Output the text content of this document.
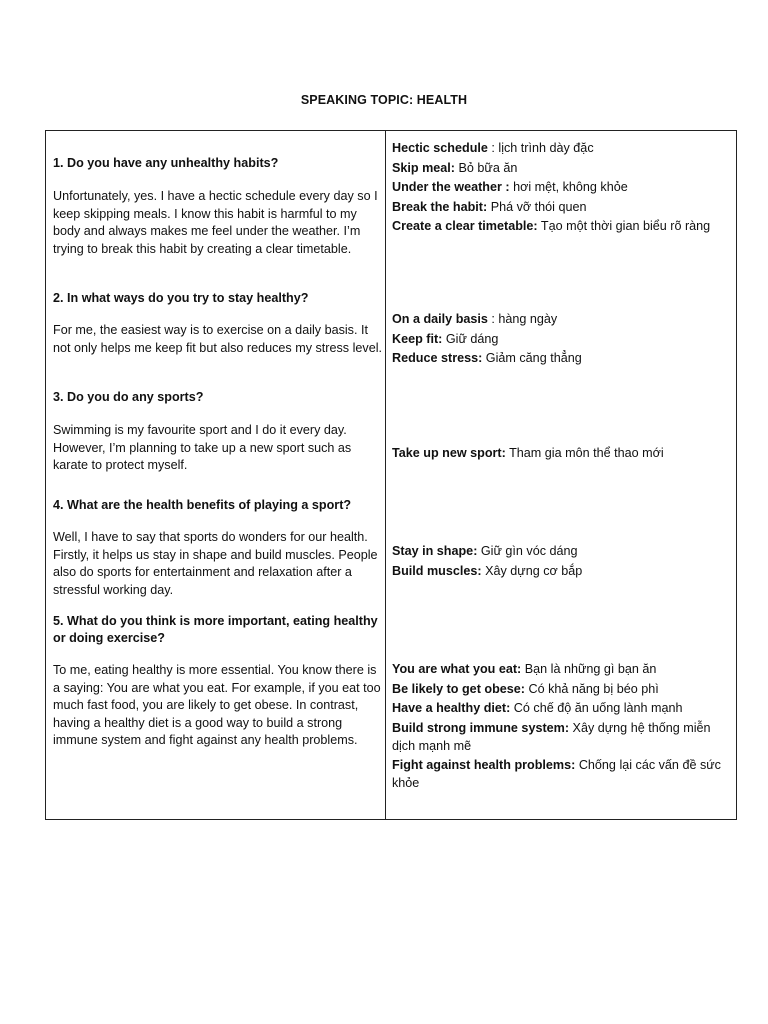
SPEAKING TOPIC: HEALTH
1. Do you have any unhealthy habits?
Unfortunately, yes. I have a hectic schedule every day so I keep skipping meals. I know this habit is harmful to my body and always makes me feel under the weather. I’m trying to break this habit by creating a clear timetable.
2. In what ways do you try to stay healthy?
For me, the easiest way is to exercise on a daily basis. It not only helps me keep fit but also reduces my stress level.
3. Do you do any sports?
Swimming is my favourite sport and I do it every day. However, I’m planning to take up a new sport such as karate to protect myself.
4. What are the health benefits of playing a sport?
Well, I have to say that sports do wonders for our health. Firstly, it helps us stay in shape and build muscles. People also do sports for entertainment and relaxation after a stressful working day.
5. What do you think is more important, eating healthy or doing exercise?
To me, eating healthy is more essential. You know there is a saying: You are what you eat. For example, if you eat too much fast food, you are likely to get obese. In contrast, having a healthy diet is a good way to build a strong immune system and fight against any health problems.
Hectic schedule : lịch trình dày đặc
Skip meal: Bỏ bữa ăn
Under the weather : hơi mệt, không khỏe
Break the habit: Phá vỡ thói quen
Create a clear timetable: Tạo một thời gian biểu rõ ràng
On a daily basis : hàng ngày
Keep fit: Giữ dáng
Reduce stress: Giảm căng thẳng
Take up new sport: Tham gia môn thể thao mới
Stay in shape: Giữ gìn vóc dáng
Build muscles: Xây dựng cơ bắp
You are what you eat: Bạn là những gì bạn ăn
Be likely to get obese: Có khả năng bị béo phì
Have a healthy diet: Có chế độ ăn uống lành mạnh
Build strong immune system: Xây dựng hệ thống miễn dịch mạnh mẽ
Fight against health problems: Chống lại các vấn đề sức khỏe
